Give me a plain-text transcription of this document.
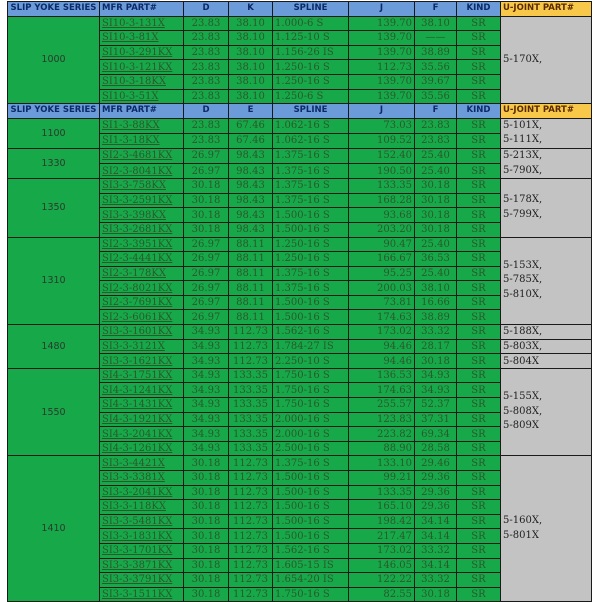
SLIP YOKE SERIES	MFR PART#	D	K	SPLINE	J	F	KIND	U-JOINT PART#
1000	SI10-3-131X	23.83	38.10	1.000-6 S	139.70	38.10	SR	5-170X,
	SI10-3-81X	23.83	38.10	1.125-10 S	139.70	——	SR	
	SI10-3-291KX	23.83	38.10	1.156-26 IS	139.70	38.89	SR	
	SI10-3-121KX	23.83	38.10	1.250-16 S	112.73	35.56	SR	
	SI10-3-18KX	23.83	38.10	1.250-16 S	139.70	39.67	SR	
	SI10-3-51X	23.83	38.10	1.250-6 S	139.70	35.56	SR	
SLIP YOKE SERIES	MFR PART#	D	E	SPLINE	J	F	KIND	U-JOINT PART#
1100	SI1-3-88KX	23.83	67.46	1.062-16 S	73.03	23.83	SR	5-101X,
5-111X,

	SI1-3-18KX	23.83	67.46	1.062-16 S	109.52	23.83	SR	
1330	SI2-3-4681KX	26.97	98.43	1.375-16 S	152.40	25.40	SR	5-213X,
5-790X,

	SI2-3-8041KX	26.97	98.43	1.375-16 S	190.50	25.40	SR	
1350	SI3-3-758KX	30.18	98.43	1.375-16 S	133.35	30.18	SR	5-178X,
5-799X,

	SI3-3-2591KX	30.18	98.43	1.375-16 S	168.28	30.18	SR	
	SI3-3-398KX	30.18	98.43	1.500-16 S	93.68	30.18	SR	
	SI3-3-2681KX	30.18	98.43	1.500-16 S	203.20	30.18	SR	
1310	SI2-3-3951KX	26.97	88.11	1.250-16 S	90.47	25.40	SR	5-153X,
5-785X,
5-810X,

	SI2-3-4441KX	26.97	88.11	1.250-16 S	166.67	36.53	SR	
	SI2-3-178KX	26.97	88.11	1.375-16 S	95.25	25.40	SR	
	SI2-3-8021KX	26.97	88.11	1.375-16 S	200.03	38.10	SR	
	SI2-3-7691KX	26.97	88.11	1.500-16 S	73.81	16.66	SR	
	SI2-3-6061KX	26.97	88.11	1.500-16 S	174.63	38.89	SR	
1480	SI3-3-1601KX	34.93	112.73	1.562-16 S	173.02	33.32	SR	5-188X,
	SI3-3-3121X	34.93	112.73	1.784-27 IS	94.46	28.17	SR	5-803X,
	SI3-3-1621KX	34.93	112.73	2.250-10 S	94.46	30.18	SR	5-804X
1550	SI4-3-1751KX	34.93	133.35	1.750-16 S	136.53	34.93	SR	5-155X,
5-808X,
5-809X

	SI4-3-1241KX	34.93	133.35	1.750-16 S	174.63	34.93	SR	
	SI4-3-1431KX	34.93	133.35	1.750-16 S	255.57	52.37	SR	
	SI4-3-1921KX	34.93	133.35	2.000-16 S	123.83	37.31	SR	
	SI4-3-2041KX	34.93	133.35	2.000-16 S	223.82	69.34	SR	
	SI4-3-1261KX	34.93	133.35	2.500-16 S	88.90	28.58	SR	
1410	SI3-3-4421X	30.18	112.73	1.375-16 S	133.10	29.46	SR	5-160X,
5-801X

	SI3-3-3381X	30.18	112.73	1.500-16 S	99.21	29.36	SR	
	SI3-3-2041KX	30.18	112.73	1.500-16 S	133.35	29.36	SR	
	SI3-3-118KX	30.18	112.73	1.500-16 S	165.10	29.36	SR	
	SI3-3-5481KX	30.18	112.73	1.500-16 S	198.42	34.14	SR	
	SI3-3-1831KX	30.18	112.73	1.500-16 S	217.47	34.14	SR	
	SI3-3-1701KX	30.18	112.73	1.562-16 S	173.02	33.32	SR	
	SI3-3-3871KX	30.18	112.73	1.605-15 IS	146.05	34.14	SR	
	SI3-3-3791KX	30.18	112.73	1.654-20 IS	122.22	33.32	SR	
	SI3-3-1511KX	30.18	112.73	1.750-16 S	82.55	30.18	SR	
